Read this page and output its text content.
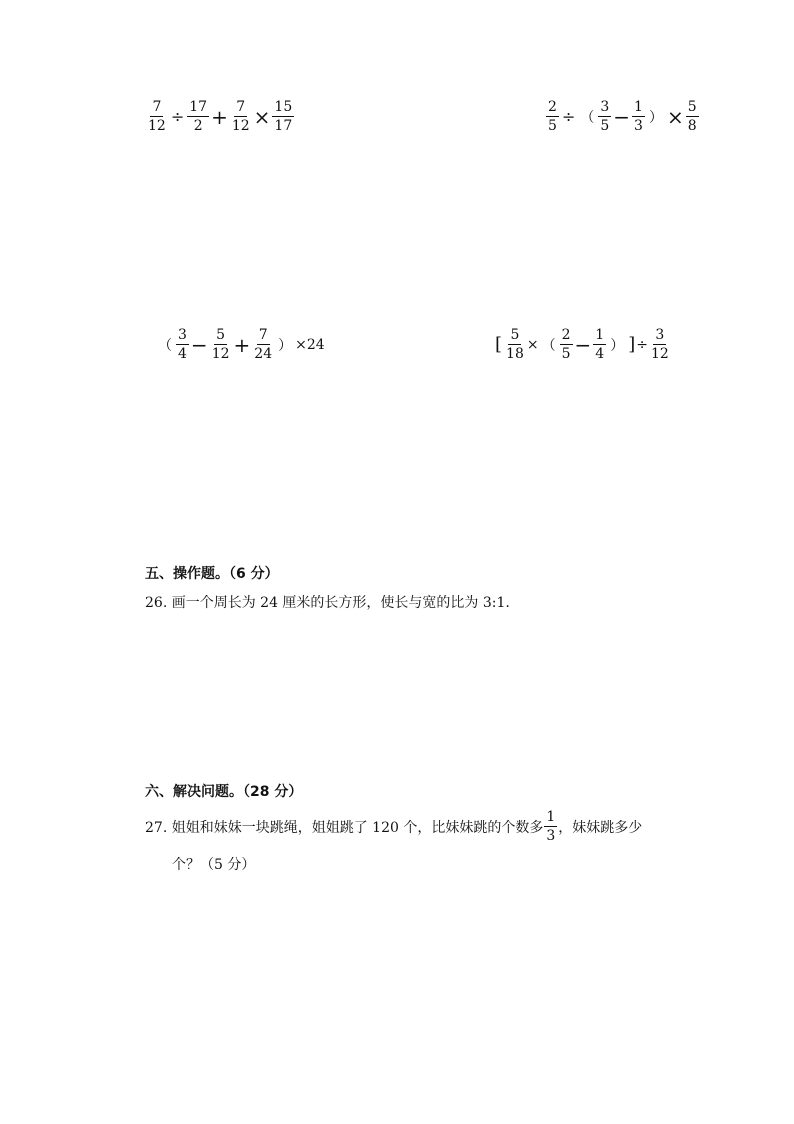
$\frac{7}{12} \div \frac{17}{2} + \frac{7}{12} \times \frac{15}{17}$	$\frac{2}{5}$ ÷ （ $\frac{3}{5} - \frac{1}{3}$ ） × $\frac{5}{8}$
（ $\frac{3}{4} - \frac{5}{12} + \frac{7}{24}$ ） ×24	[ $\frac{5}{18}$ × （ $\frac{2}{5} - \frac{1}{4}$ ） ] ÷ $\frac{3}{12}$
五、操作题。（6 分）
26. 画一个周长为 24 厘米的长方形，使长与宽的比为 3:1.
六、解决问题。（28 分）
27. 姐姐和妹妹一块跳绳，姐姐跳了 120 个，比妹妹跳的个数多 $\frac{1}{3}$ ，妹妹跳多少
个？（5 分）
